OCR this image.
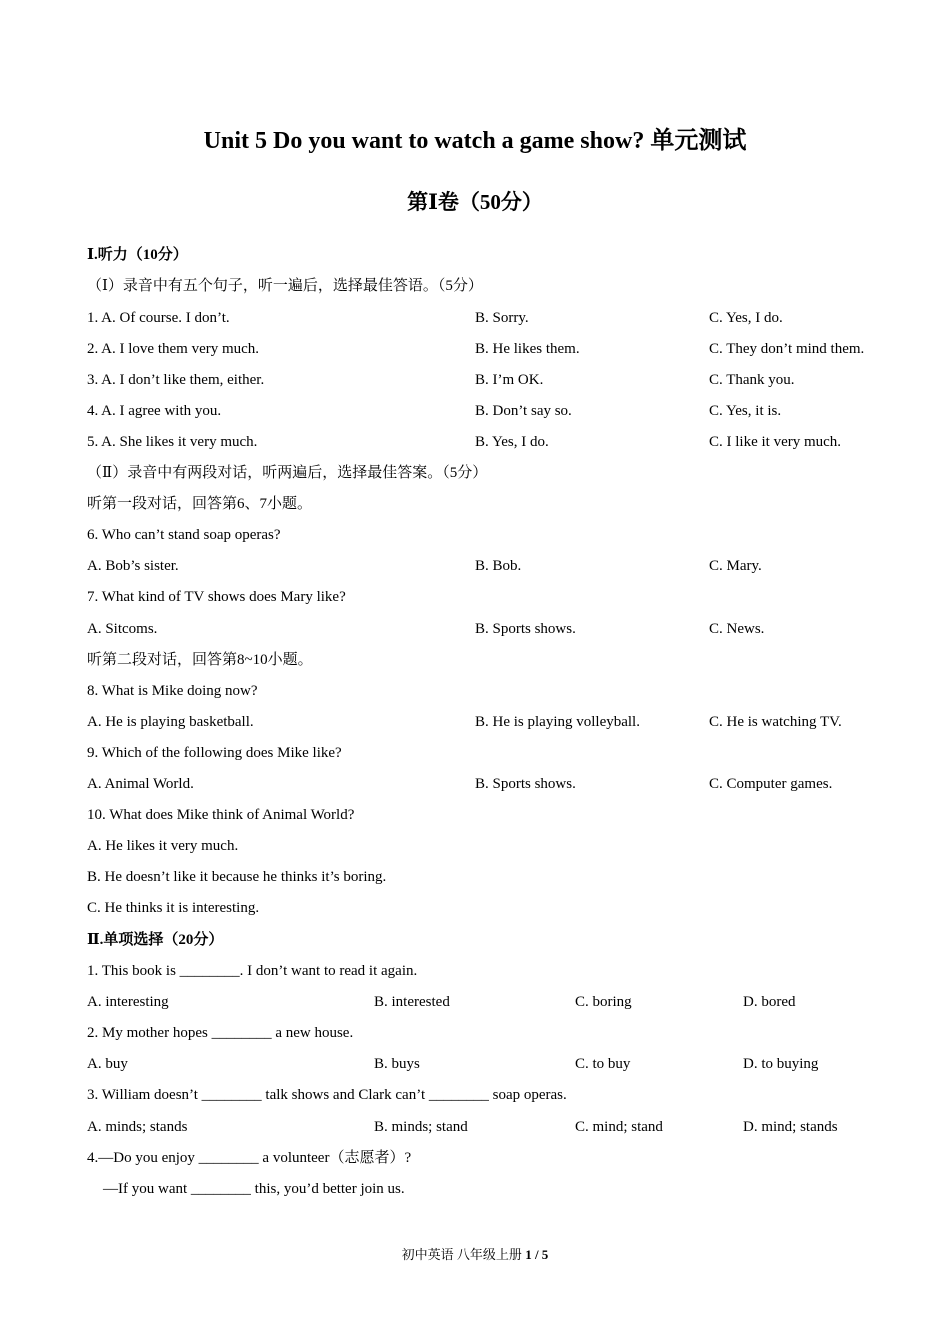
Unit 5 Do you want to watch a game show? 单元测试
第Ⅰ卷（50分）
Ⅰ.听力（10分）
（Ⅰ）录音中有五个句子，听一遍后，选择最佳答语。（5分）
1. A. Of course. I don’t.	B. Sorry.	C. Yes, I do.
2. A. I love them very much.	B. He likes them.	C. They don’t mind them.
3. A. I don’t like them, either.	B. I’m OK.	C. Thank you.
4. A. I agree with you.	B. Don’t say so.	C. Yes, it is.
5. A. She likes it very much.	B. Yes, I do.	C. I like it very much.
（Ⅱ）录音中有两段对话，听两遍后，选择最佳答案。（5分）
听第一段对话，回答第6、7小题。
6. Who can’t stand soap operas?
A. Bob’s sister.	B. Bob.	C. Mary.
7. What kind of TV shows does Mary like?
A. Sitcoms.	B. Sports shows.	C. News.
听第二段对话，回答第8~10小题。
8. What is Mike doing now?
A. He is playing basketball.	B. He is playing volleyball.	C. He is watching TV.
9. Which of the following does Mike like?
A. Animal World.	B. Sports shows.	C. Computer games.
10. What does Mike think of Animal World?
A. He likes it very much.
B. He doesn’t like it because he thinks it’s boring.
C. He thinks it is interesting.
Ⅱ.单项选择（20分）
1. This book is ________. I don’t want to read it again.
A. interesting	B. interested	C. boring	D. bored
2. My mother hopes ________ a new house.
A. buy	B. buys	C. to buy	D. to buying
3. William doesn’t ________ talk shows and Clark can’t ________ soap operas.
A. minds; stands	B. minds; stand	C. mind; stand	D. mind; stands
4.—Do you enjoy ________ a volunteer（志愿者）?
—If you want ________ this, you’d better join us.
初中英语 八年级上册 1 / 5
